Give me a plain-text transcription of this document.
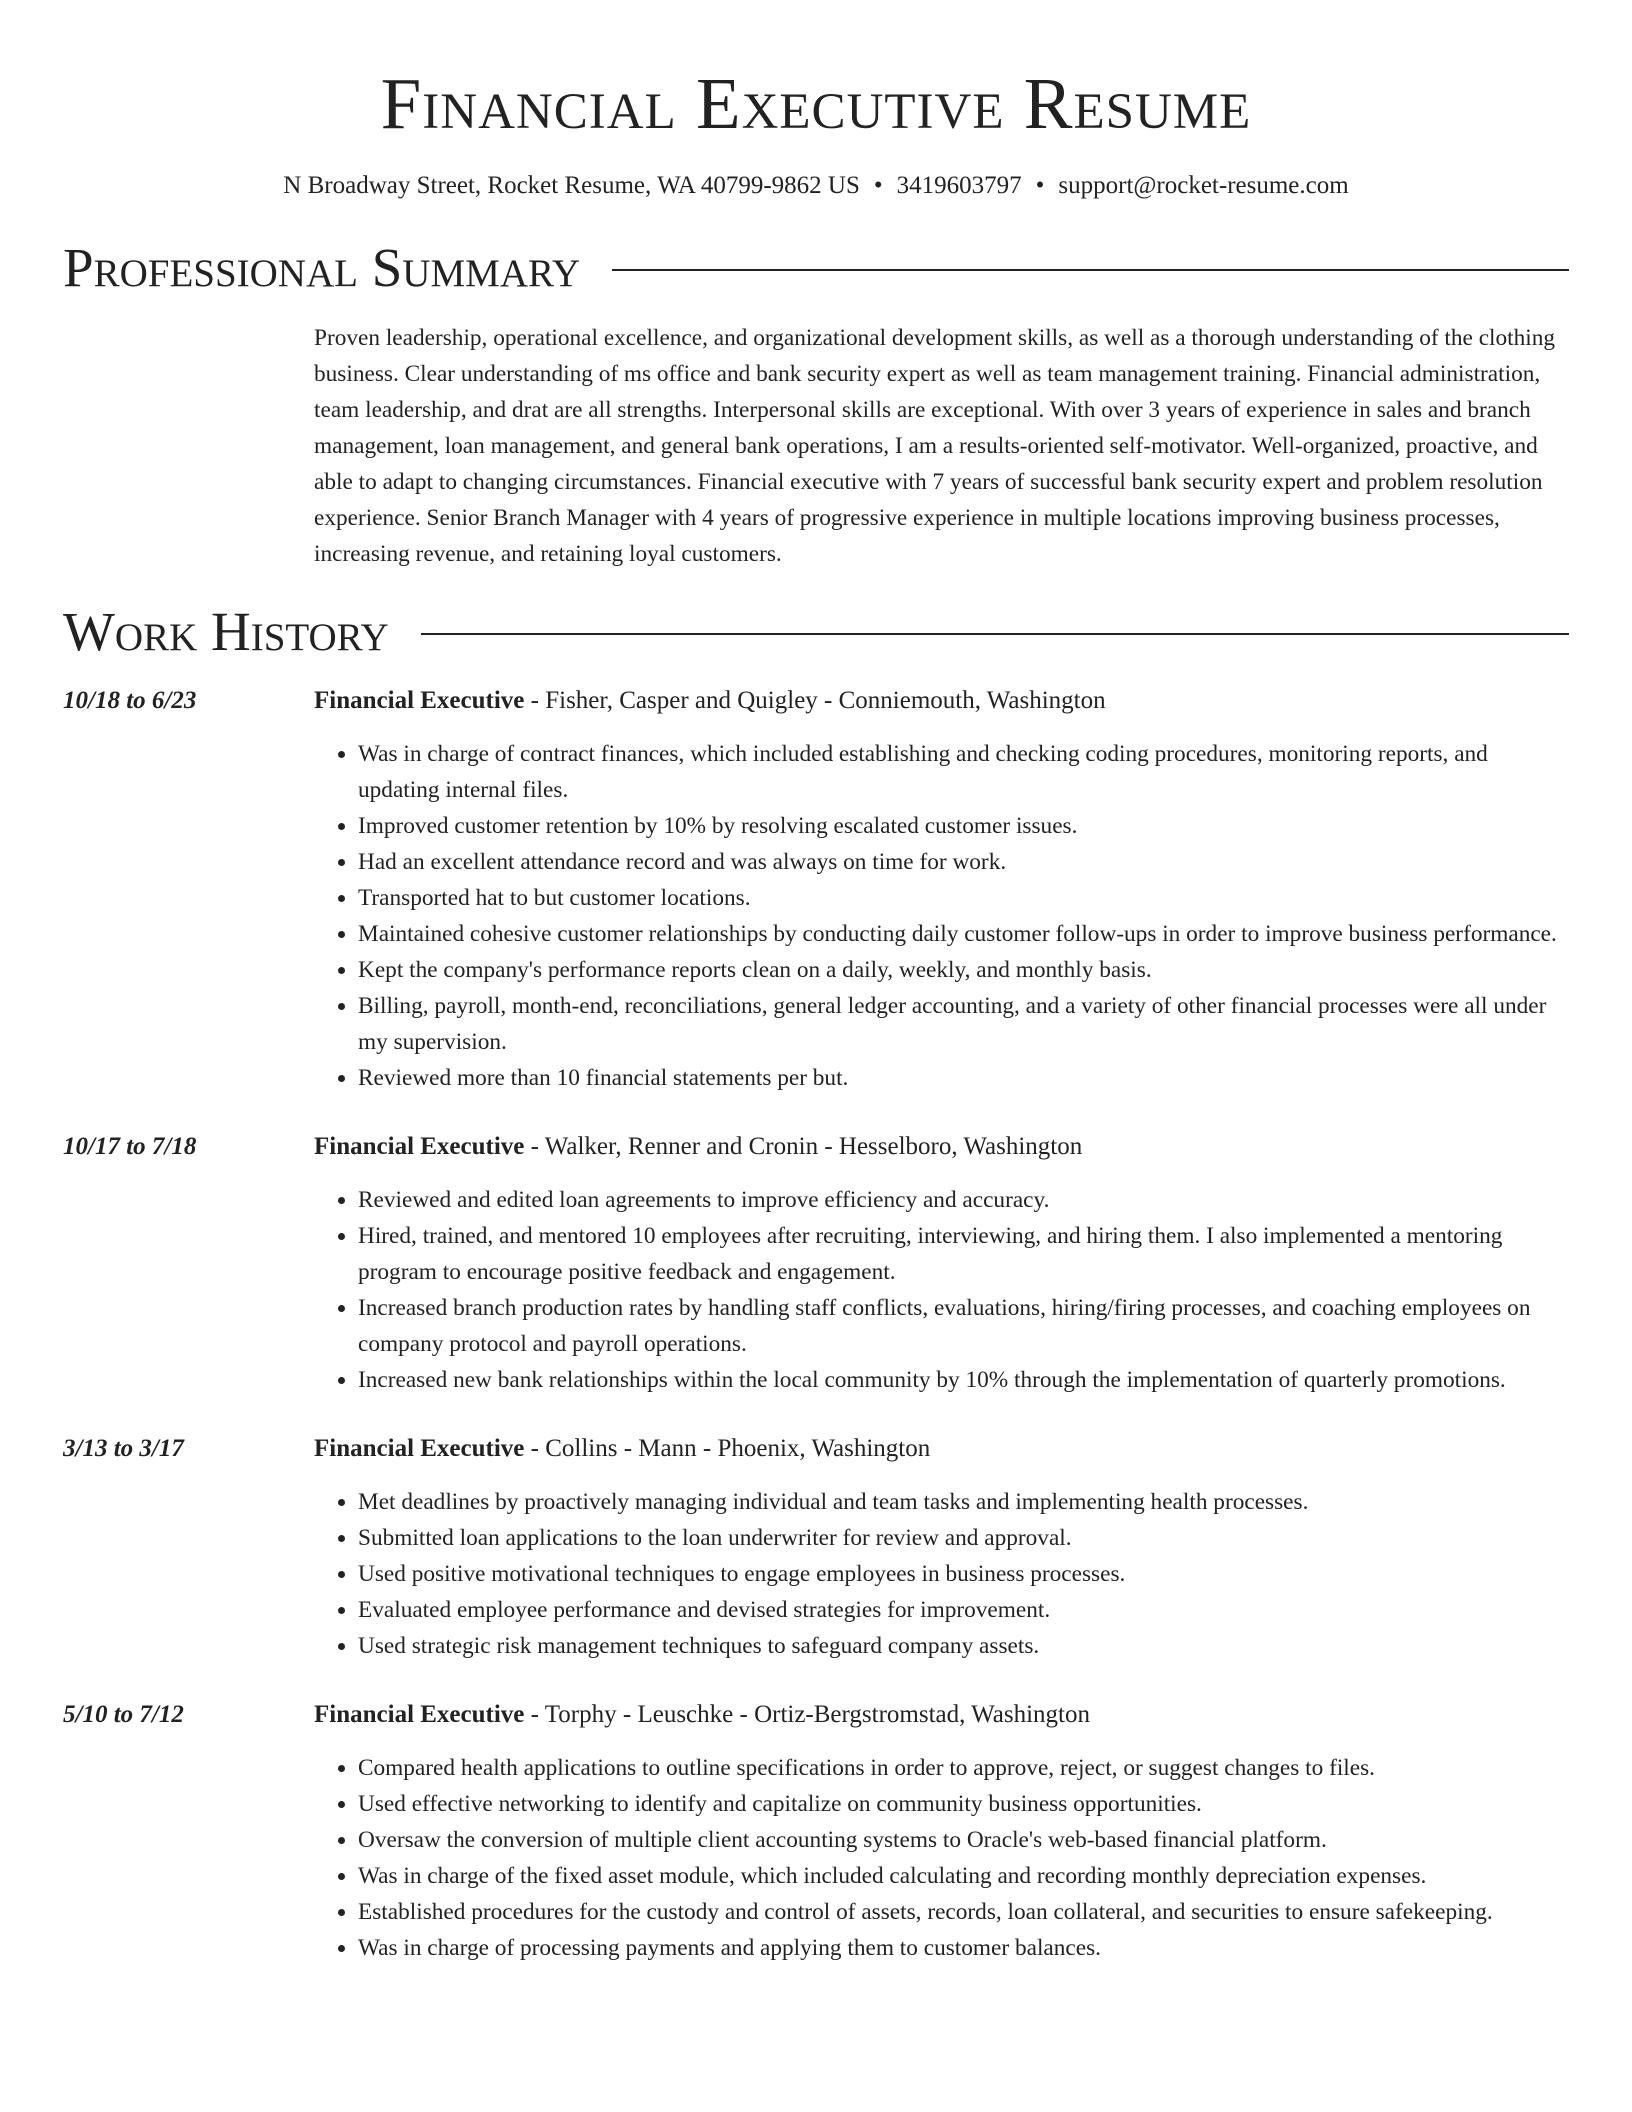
Financial Executive Resume
N Broadway Street, Rocket Resume, WA 40799-9862 US • 3419603797 • support@rocket-resume.com
Professional Summary
Proven leadership, operational excellence, and organizational development skills, as well as a thorough understanding of the clothing business. Clear understanding of ms office and bank security expert as well as team management training. Financial administration, team leadership, and drat are all strengths. Interpersonal skills are exceptional. With over 3 years of experience in sales and branch management, loan management, and general bank operations, I am a results-oriented self-motivator. Well-organized, proactive, and able to adapt to changing circumstances. Financial executive with 7 years of successful bank security expert and problem resolution experience. Senior Branch Manager with 4 years of progressive experience in multiple locations improving business processes, increasing revenue, and retaining loyal customers.
Work History
10/18 to 6/23	Financial Executive - Fisher, Casper and Quigley - Conniemouth, Washington
• Was in charge of contract finances, which included establishing and checking coding procedures, monitoring reports, and updating internal files.
• Improved customer retention by 10% by resolving escalated customer issues.
• Had an excellent attendance record and was always on time for work.
• Transported hat to but customer locations.
• Maintained cohesive customer relationships by conducting daily customer follow-ups in order to improve business performance.
• Kept the company's performance reports clean on a daily, weekly, and monthly basis.
• Billing, payroll, month-end, reconciliations, general ledger accounting, and a variety of other financial processes were all under my supervision.
• Reviewed more than 10 financial statements per but.
10/17 to 7/18	Financial Executive - Walker, Renner and Cronin - Hesselboro, Washington
• Reviewed and edited loan agreements to improve efficiency and accuracy.
• Hired, trained, and mentored 10 employees after recruiting, interviewing, and hiring them. I also implemented a mentoring program to encourage positive feedback and engagement.
• Increased branch production rates by handling staff conflicts, evaluations, hiring/firing processes, and coaching employees on company protocol and payroll operations.
• Increased new bank relationships within the local community by 10% through the implementation of quarterly promotions.
3/13 to 3/17	Financial Executive - Collins - Mann - Phoenix, Washington
• Met deadlines by proactively managing individual and team tasks and implementing health processes.
• Submitted loan applications to the loan underwriter for review and approval.
• Used positive motivational techniques to engage employees in business processes.
• Evaluated employee performance and devised strategies for improvement.
• Used strategic risk management techniques to safeguard company assets.
5/10 to 7/12	Financial Executive - Torphy - Leuschke - Ortiz-Bergstromstad, Washington
• Compared health applications to outline specifications in order to approve, reject, or suggest changes to files.
• Used effective networking to identify and capitalize on community business opportunities.
• Oversaw the conversion of multiple client accounting systems to Oracle's web-based financial platform.
• Was in charge of the fixed asset module, which included calculating and recording monthly depreciation expenses.
• Established procedures for the custody and control of assets, records, loan collateral, and securities to ensure safekeeping.
• Was in charge of processing payments and applying them to customer balances.
